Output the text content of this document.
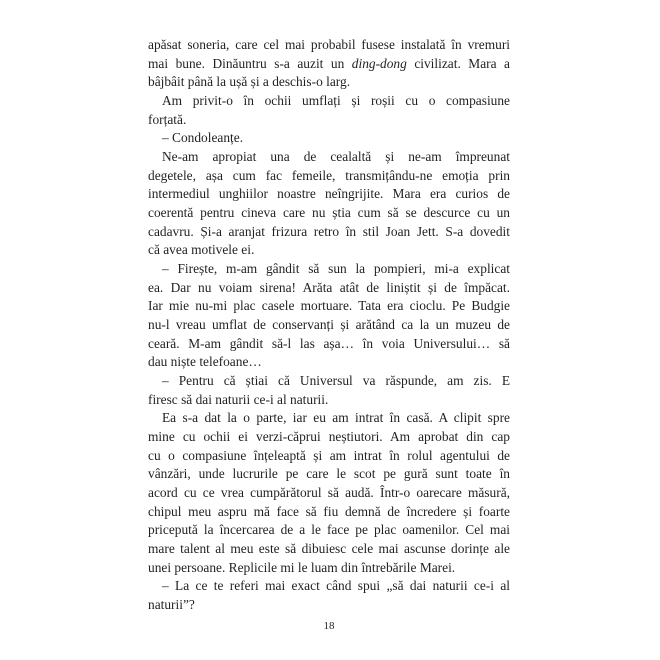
apăsat soneria, care cel mai probabil fusese instalată în vremuri
mai bune. Dinăuntru s-a auzit un ding-dong civilizat. Mara a
bâjbâit până la ușă și a deschis-o larg.
Am privit-o în ochii umflați și roșii cu o compasiune
forțată.
– Condoleanțe.
Ne-am apropiat una de cealaltă și ne-am împreunat
degetele, așa cum fac femeile, transmițându-ne emoția prin
intermediul unghiilor noastre neîngrijite. Mara era curios de
coerentă pentru cineva care nu știa cum să se descurce cu un
cadavru. Și-a aranjat frizura retro în stil Joan Jett. S-a dovedit
că avea motivele ei.
– Firește, m-am gândit să sun la pompieri, mi-a explicat
ea. Dar nu voiam sirena! Arăta atât de liniștit și de împăcat.
Iar mie nu-mi plac casele mortuare. Tata era cioclu. Pe Budgie
nu-l vreau umflat de conservanți și arătând ca la un muzeu de
ceară. M-am gândit să-l las așa… în voia Universului… să
dau niște telefoane…
– Pentru că știai că Universul va răspunde, am zis. E
firesc să dai naturii ce-i al naturii.
Ea s-a dat la o parte, iar eu am intrat în casă. A clipit spre
mine cu ochii ei verzi-căprui neștiutori. Am aprobat din cap
cu o compasiune înțeleaptă și am intrat în rolul agentului de
vânzări, unde lucrurile pe care le scot pe gură sunt toate în
acord cu ce vrea cumpărătorul să audă. Într-o oarecare măsură,
chipul meu aspru mă face să fiu demnă de încredere și foarte
pricepută la încercarea de a le face pe plac oamenilor. Cel mai
mare talent al meu este să dibuiesc cele mai ascunse dorințe ale
unei persoane. Replicile mi le luam din întrebările Marei.
– La ce te referi mai exact când spui „să dai naturii ce-i al
naturii”?
18
